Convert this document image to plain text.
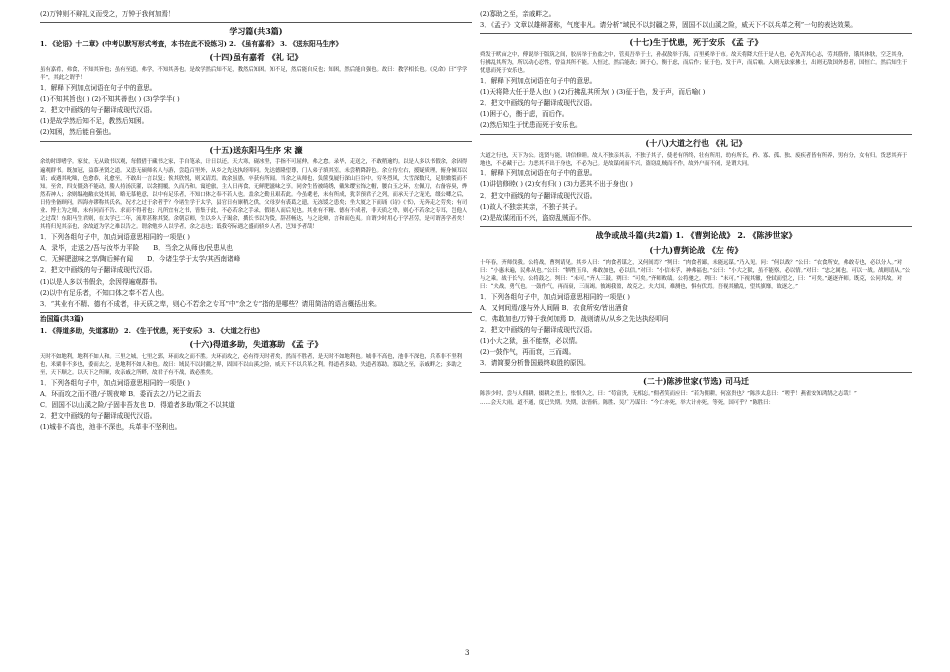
(2)万钟则不辩礼义而受之，万钟于我何加焉！
学习篇(共3篇)
1. 《论语》十二章》(中考以默写形式考查，本书在此不设练习) 2. 《虽有嘉肴》 3. 《送东阳马生序》
(十四)虽有嘉肴 《礼 记》
虽有嘉肴，弗食，不知其旨也；虽有至道，弗学，不知其善也。是故学然后知不足，教然后知困。知不足，然后能自反也；知困，然后能自强也。故曰：教学相长也。《兑命》曰“学学半”，其此之谓乎！
1．解释下列加点词语在句子中的意思。
(1)不知其旨也( ) (2)不知其善也( ) (3)学学半( )
2．把文中画线的句子翻译成现代汉语。
(1)是故学然后知不足，教然后知困。
(2)知困，然后能自强也。
(十五)送东阳马生序 宋 濂
余幼时即嗜学。家贫，无从致书以观，每假借于藏书之家，手自笔录，计日以还。天大寒，砚冰坚，手指不可屈伸，弗之怠。录毕，走送之，不敢稍逾约。以是人多以书假余，余因得遍观群书。既加冠，益慕圣贤之道。又患无硕师名人与游，尝趋百里外，从乡之先达执经叩问。先达德隆望尊，门人弟子填其室，未尝稍降辞色。余立侍左右，援疑质理，俯身倾耳以请；或遇其叱咄，色愈恭，礼愈至，不敢出一言以复；俟其欣悦，则又请焉。故余虽愚，卒获有所闻。当余之从师也，负箧曳屣行深山巨谷中，穷冬烈风，大雪深数尺，足肤皲裂而不知。至舍，四支僵劲不能动，媵人持汤沃灌，以衾拥覆，久而乃和。寓逆旅，主人日再食，无鲜肥滋味之享。同舍生皆被绮绣，戴朱缨宝饰之帽，腰白玉之环，左佩刀，右备容臭，烨然若神人；余则缊袍敝衣处其间，略无慕艳意，以中有足乐者，不知口体之奉不若人也。盖余之勤且艰若此。今虽耄老，未有所成，犹幸预君子之列，而承天子之宠光，缀公卿之后，日侍坐备顾问，四海亦谬称其氏名，况才之过于余者乎？今诸生学于太学，县官日有廪稍之供，父母岁有裘葛之遗，无冻馁之患矣；坐大厦之下而诵《诗》《书》，无奔走之劳矣；有司业、博士为之师，未有问而不告、求而不得者也；凡所宜有之书，皆集于此，不必若余之手录，假诸人而后见也。其业有不精、德有不成者，非天质之卑，则心不若余之专耳，岂他人之过哉！东阳马生君则，在太学已二年，流辈甚称其贤。余朝京师，生以乡人子谒余，撰长书以为贽，辞甚畅达，与之论辩，言和而色夷。自谓少时用心于学甚劳，是可谓善学者矣！其将归见其亲也，余故道为学之难以告之。谓余勉乡人以学者，余之志也；诋我夸际遇之盛而骄乡人者，岂知予者哉！
1．下列各组句子中，加点词语意思相同的一项是( )
A．录毕，走送之/吾与汝毕力平险 B．当余之从师也/民患从也
C．无鲜肥滋味之享/陶后鲜有闻 D．今诸生学于太学/其西南诸峰
2．把文中画线的句子翻译成现代汉语。
(1)以是人多以书假余，余因得遍观群书。
(2)以中有足乐者，不知口体之奉不若人也。
3．“其业有不精、德有不成者，非天质之卑，则心不若余之专耳”中“余之专”指的是哪些？请用简洁的语言概括出来。
治国篇(共3篇)
1. 《得道多助，失道寡助》 2. 《生于忧患，死于安乐》 3. 《大道之行也》
(十六)得道多助，失道寡助 《孟 子》
天时不如地利，地利不如人和。三里之城，七里之郭，环而攻之而不胜。夫环而攻之，必有得天时者矣，然而不胜者，是天时不如地利也。城非不高也，池非不深也，兵革非不坚利也，米粟非不多也，委而去之，是地利不如人和也。故曰：域民不以封疆之界，固国不以山溪之险，威天下不以兵革之利。得道者多助，失道者寡助。寡助之至，亲戚畔之；多助之至，天下顺之。以天下之所顺，攻亲戚之所畔，故君子有不战，战必胜矣。
1．下列各组句子中，加点词语意思相同的一项是( )
A．环而攻之而不胜/子规夜啼 B．委而去之/乃记之而去
C．固国不以山溪之险/子固非吾友也 D．得道者多助/策之不以其道
2．把文中画线的句子翻译成现代汉语。
(1)城非不高也，池非不深也，兵革非不坚利也。
(2)寡助之至，亲戚畔之。
3．《孟子》文章以雄辩著称，气度非凡。请分析“域民不以封疆之界，固国不以山溪之险，威天下不以兵革之利”一句的表达效果。
(十七)生于忧患，死于安乐 《孟 子》
舜发于畎亩之中，傅说举于版筑之间，胶鬲举于鱼盐之中，管夷吾举于士，孙叔敖举于海，百里奚举于市。故天将降大任于是人也，必先苦其心志，劳其筋骨，饿其体肤，空乏其身，行拂乱其所为，所以动心忍性，曾益其所不能。人恒过，然后能改；困于心，衡于虑，而后作；征于色，发于声，而后喻。入则无法家拂士，出则无敌国外患者，国恒亡。然后知生于忧患而死于安乐也。
1．解释下列加点词语在句子中的意思。
(1)天将降大任于是人也( ) (2)行拂乱其所为( ) (3)征于色，发于声，而后喻( )
2．把文中画线的句子翻译成现代汉语。
(1)困于心，衡于虑，而后作。
(2)然后知生于忧患而死于安乐也。
(十八)大道之行也 《礼 记》
大道之行也，天下为公。选贤与能，讲信修睦。故人不独亲其亲，不独子其子，使老有所终，壮有所用，幼有所长，矜、寡、孤、独、废疾者皆有所养，男有分，女有归。货恶其弃于地也，不必藏于己；力恶其不出于身也，不必为己。是故谋闭而不兴，盗窃乱贼而不作，故外户而不闭，是谓大同。
1．解释下列加点词语在句子中的意思。
(1)讲信修睦( ) (2)女有归( ) (3)力恶其不出于身也( )
2．把文中画线的句子翻译成现代汉语。
(1)故人不独亲其亲，不独子其子。
(2)是故谋闭而不兴，盗窃乱贼而不作。
战争或战斗篇(共2篇) 1. 《曹刿论战》 2. 《陈涉世家》
(十九)曹刿论战 《左 传》
十年春，齐师伐我。公将战，曹刿请见。其乡人曰：“肉食者谋之，又何间焉？”刿曰：“肉食者鄙，未能远谋。”乃入见。问：“何以战？”公曰：“衣食所安，弗敢专也，必以分人。”对曰：“小惠未遍，民弗从也。”公曰：“牺牲玉帛，弗敢加也，必以信。”对曰：“小信未孚，神弗福也。”公曰：“小大之狱，虽不能察，必以情。”对曰：“忠之属也。可以一战。战则请从。”公与之乘。战于长勺。公将鼓之。刿曰：“未可。”齐人三鼓。刿曰：“可矣。”齐师败绩。公将驰之。刿曰：“未可。”下视其辙，登轼而望之，曰：“可矣。”遂逐齐师。既克，公问其故。对曰：“夫战，勇气也。一鼓作气，再而衰，三而竭。彼竭我盈，故克之。夫大国，难测也，惧有伏焉。吾视其辙乱，望其旗靡，故逐之。”
1．下列各组句子中，加点词语意思相同的一项是( )
A．又何间焉/遂与外人间隔 B．衣食所安/皆出酒食
C．弗敢加也/万钟于我何加焉 D．战则请从/从乡之先达执经叩问
2．把文中画线的句子翻译成现代汉语。
(1)小大之狱，虽不能察，必以情。
(2)一鼓作气，再而衰，三而竭。
3．请简要分析鲁国最终取胜的原因。
(二十)陈涉世家(节选) 司马迁
陈涉少时，尝与人佣耕，辍耕之垄上，怅恨久之，曰：“苟富贵，无相忘。”佣者笑而应曰：“若为佣耕，何富贵也？”陈涉太息曰：“嗟乎！燕雀安知鸿鹄之志哉！”
……会天大雨，道不通，度已失期。失期，法皆斩。陈胜、吴广乃谋曰：“今亡亦死，举大计亦死，等死，国可乎？”陈胜曰：
3
